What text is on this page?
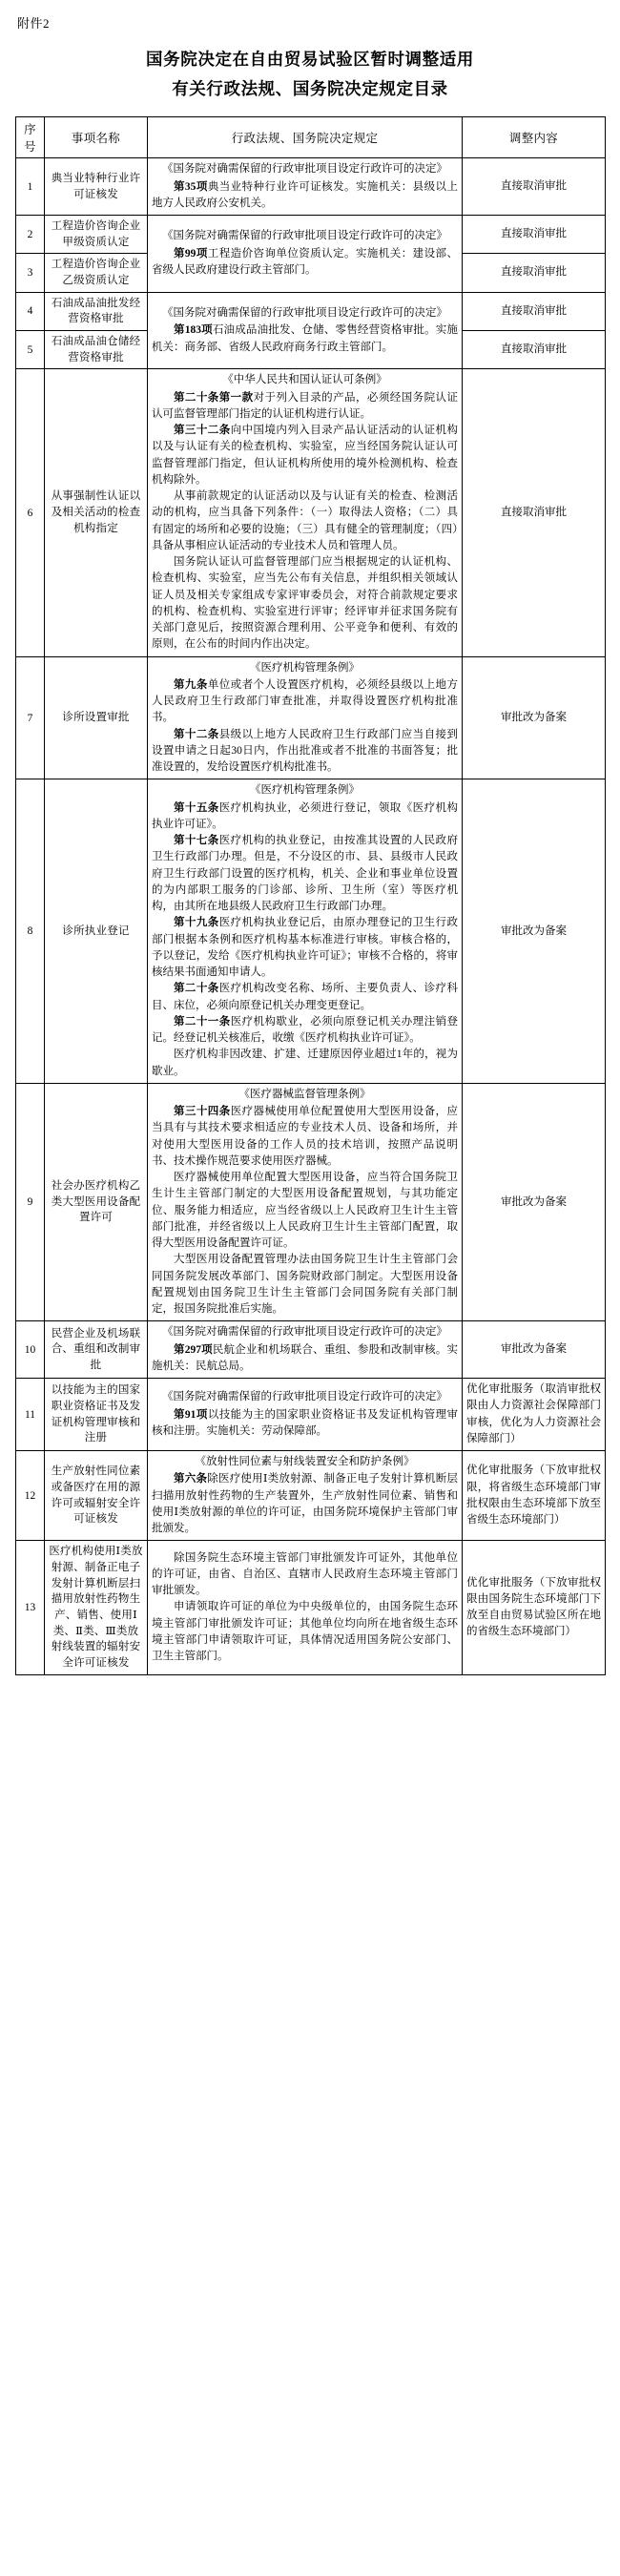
附件2
国务院决定在自由贸易试验区暂时调整适用
有关行政法规、国务院决定规定目录
序号	事项名称	行政法规、国务院决定规定	调整内容
1	典当业特种行业许可证核发	《国务院对确需保留的行政审批项目设定行政许可的决定》
第35项典当业特种行业许可证核发。实施机关：县级以上地方人民政府公安机关。	直接取消审批
2	工程造价咨询企业甲级资质认定	《国务院对确需保留的行政审批项目设定行政许可的决定》
第99项工程造价咨询单位资质认定。实施机关：建设部、省级人民政府建设行政主管部门。	直接取消审批
3	工程造价咨询企业乙级资质认定		直接取消审批
4	石油成品油批发经营资格审批	《国务院对确需保留的行政审批项目设定行政许可的决定》
第183项石油成品油批发、仓储、零售经营资格审批。实施机关：商务部、省级人民政府商务行政主管部门。	直接取消审批
5	石油成品油仓储经营资格审批		直接取消审批
6	从事强制性认证以及相关活动的检查机构指定	《中华人民共和国认证认可条例》
第二十条第一款对于列入目录的产品，必须经国务院认证认可监督管理部门指定的认证机构进行认证。
第三十二条向中国境内列入目录产品认证活动的认证机构以及与认证有关的检查机构、实验室，应当经国务院认证认可监督管理部门指定，但认证机构所使用的境外检测机构、检查机构除外。
从事前款规定的认证活动以及与认证有关的检查、检测活动的机构，应当具备下列条件：（一）取得法人资格；（二）具有固定的场所和必要的设施；（三）具有健全的管理制度；（四）具备从事相应认证活动的专业技术人员和管理人员。
国务院认证认可监督管理部门应当根据规定的认证机构、检查机构、实验室，应当先公布有关信息，并组织相关领域认证人员及相关专家组成专家评审委员会，对符合前款规定要求的机构、检查机构、实验室进行评审；经评审并征求国务院有关部门意见后，按照资源合理利用、公平竞争和便利、有效的原则，在公布的时间内作出决定。	直接取消审批
7	诊所设置审批	《医疗机构管理条例》
第九条单位或者个人设置医疗机构，必须经县级以上地方人民政府卫生行政部门审查批准，并取得设置医疗机构批准书。
第十二条县级以上地方人民政府卫生行政部门应当自接到设置申请之日起30日内，作出批准或者不批准的书面答复；批准设置的，发给设置医疗机构批准书。	审批改为备案
8	诊所执业登记	
《医疗机构管理条例》
第十五条医疗机构执业，必须进行登记，领取《医疗机构执业许可证》。
第十七条医疗机构的执业登记，由按准其设置的人民政府卫生行政部门办理。但是，不分设区的市、县、县级市人民政府卫生行政部门设置的医疗机构，机关、企业和事业单位设置的为内部职工服务的门诊部、诊所、卫生所（室）等医疗机构，由其所在地县级人民政府卫生行政部门办理。
第十九条医疗机构执业登记后，由原办理登记的卫生行政部门根据本条例和医疗机构基本标准进行审核。审核合格的，予以登记，发给《医疗机构执业许可证》；审核不合格的，将审核结果书面通知申请人。
第二十条医疗机构改变名称、场所、主要负责人、诊疗科目、床位，必须向原登记机关办理变更登记。
第二十一条医疗机构歇业，必须向原登记机关办理注销登记。经登记机关核准后，收缴《医疗机构执业许可证》。
医疗机构非因改建、扩建、迁建原因停业超过1年的，视为歇业。
	审批改为备案
9	社会办医疗机构乙类大型医用设备配置许可	《医疗器械监督管理条例》
第三十四条医疗器械使用单位配置使用大型医用设备，应当具有与其技术要求相适应的专业技术人员、设备和场所，并对使用大型医用设备的工作人员的技术培训，按照产品说明书、技术操作规范要求使用医疗器械。
医疗器械使用单位配置大型医用设备，应当符合国务院卫生计生主管部门制定的大型医用设备配置规划，与其功能定位、服务能力相适应，应当经省级以上人民政府卫生计生主管部门批准，并经省级以上人民政府卫生计生主管部门配置，取得大型医用设备配置许可证。
大型医用设备配置管理办法由国务院卫生计生主管部门会同国务院发展改革部门、国务院财政部门制定。大型医用设备配置规划由国务院卫生计生主管部门会同国务院有关部门制定，报国务院批准后实施。	审批改为备案
10	民营企业及机场联合、重组和改制审批	《国务院对确需保留的行政审批项目设定行政许可的决定》
第297项民航企业和机场联合、重组、参股和改制审核。实施机关：民航总局。	审批改为备案
11	以技能为主的国家职业资格证书及发证机构管理审核和注册	《国务院对确需保留的行政审批项目设定行政许可的决定》
第91项以技能为主的国家职业资格证书及发证机构管理审核和注册。实施机关：劳动保障部。	优化审批服务（取消审批权限由人力资源社会保障部门审核，优化为人力资源社会保障部门）
12	生产放射性同位素或备医疗在用的源许可或辐射安全许可证核发	《放射性同位素与射线装置安全和防护条例》
第六条除医疗使用Ⅰ类放射源、制备正电子发射计算机断层扫描用放射性药物的生产装置外，生产放射性同位素、销售和使用Ⅰ类放射源的单位的许可证，由国务院环境保护主管部门审批颁发。	优化审批服务（下放审批权限，将省级生态环境部门审批权限由生态环境部下放至省级生态环境部门）
13	医疗机构使用Ⅰ类放射源、制备正电子发射计算机断层扫描用放射性药物生产、销售、使用Ⅰ类、Ⅱ类、Ⅲ类放射线装置的辐射安全许可证核发	除国务院生态环境主管部门审批颁发许可证外，其他单位的许可证，由省、自治区、直辖市人民政府生态环境主管部门审批颁发。
申请领取许可证的单位为中央级单位的，由国务院生态环境主管部门审批颁发许可证；其他单位均向所在地省级生态环境主管部门申请领取许可证，具体情况适用国务院公安部门、卫生主管部门。	优化审批服务（下放审批权限由国务院生态环境部门下放至自由贸易试验区所在地的省级生态环境部门）
